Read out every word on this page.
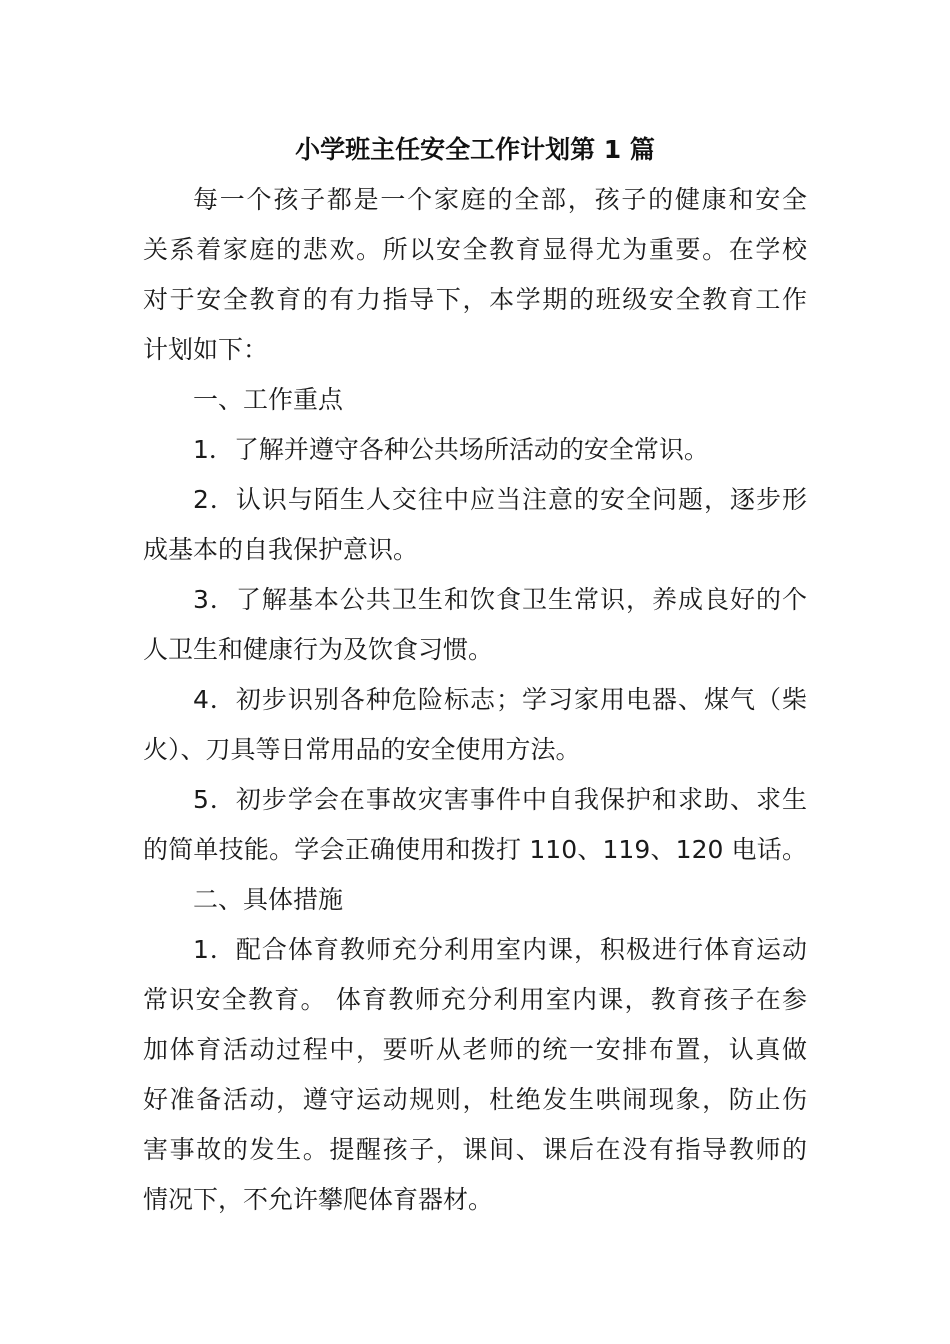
小学班主任安全工作计划第 1 篇
每一个孩子都是一个家庭的全部，孩子的健康和安全
关系着家庭的悲欢。所以安全教育显得尤为重要。在学校
对于安全教育的有力指导下，本学期的班级安全教育工作
计划如下：
一、工作重点
1．了解并遵守各种公共场所活动的安全常识。
2．认识与陌生人交往中应当注意的安全问题，逐步形
成基本的自我保护意识。
3．了解基本公共卫生和饮食卫生常识，养成良好的个
人卫生和健康行为及饮食习惯。
4．初步识别各种危险标志；学习家用电器、煤气（柴
火）、刀具等日常用品的安全使用方法。
5．初步学会在事故灾害事件中自我保护和求助、求生
的简单技能。学会正确使用和拨打 110、119、120 电话。
二、具体措施
1．配合体育教师充分利用室内课，积极进行体育运动
常识安全教育。 体育教师充分利用室内课，教育孩子在参
加体育活动过程中，要听从老师的统一安排布置，认真做
好准备活动，遵守运动规则，杜绝发生哄闹现象，防止伤
害事故的发生。提醒孩子，课间、课后在没有指导教师的
情况下，不允许攀爬体育器材。
